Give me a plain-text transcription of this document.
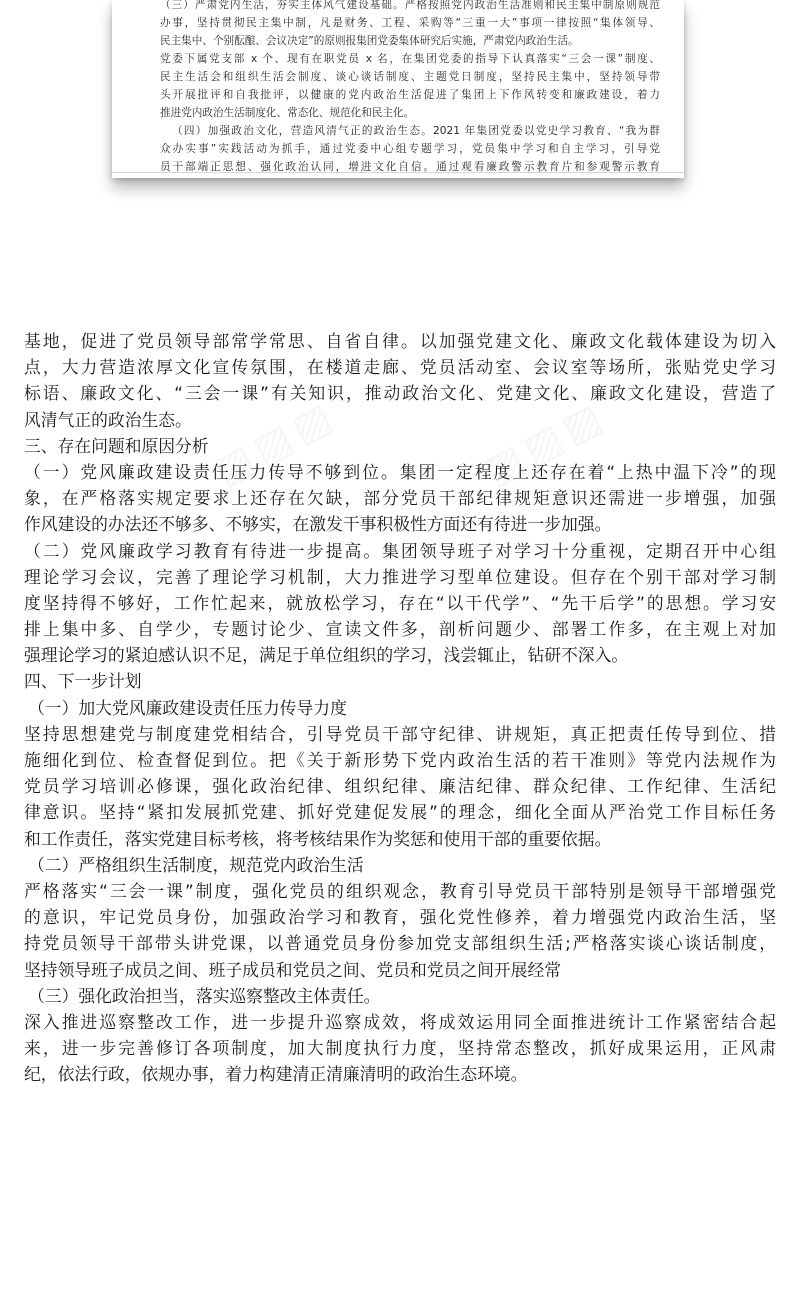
（三）严肃党内生活，夯实主体风气建设基础。严格按照党内政治生活准则和民主集中制原则规范

办事，坚持贯彻民主集中制，凡是财务、工程、采购等“三重一大”事项一律按照“集体领导、

民主集中、个别酝酿、会议决定”的原则报集团党委集体研究后实施，严肃党内政治生活。

党委下属党支部 x 个、现有在职党员 x 名，在集团党委的指导下认真落实“三会一课”制度、

民主生活会和组织生活会制度、谈心谈话制度、主题党日制度，坚持民主集中，坚持领导带

头开展批评和自我批评，以健康的党内政治生活促进了集团上下作风转变和廉政建设，着力

推进党内政治生活制度化、常态化、规范化和民主化。

（四）加强政治文化，营造风清气正的政治生态。2021 年集团党委以党史学习教育、“我为群

众办实事”实践活动为抓手，通过党委中心组专题学习，党员集中学习和自主学习，引导党

员干部端正思想、强化政治认同，增进文化自信。通过观看廉政警示教育片和参观警示教育

▨▨▨	▨▨▨

基地，促进了党员领导部常学常思、自省自律。以加强党建文化、廉政文化载体建设为切入

点，大力营造浓厚文化宣传氛围，在楼道走廊、党员活动室、会议室等场所，张贴党史学习

标语、廉政文化、“三会一课”有关知识，推动政治文化、党建文化、廉政文化建设，营造了

风清气正的政治生态。

三、存在问题和原因分析

（一）党风廉政建设责任压力传导不够到位。集团一定程度上还存在着“上热中温下冷”的现

象，在严格落实规定要求上还存在欠缺，部分党员干部纪律规矩意识还需进一步增强，加强

作风建设的办法还不够多、不够实，在激发干事积极性方面还有待进一步加强。

（二）党风廉政学习教育有待进一步提高。集团领导班子对学习十分重视，定期召开中心组

理论学习会议，完善了理论学习机制，大力推进学习型单位建设。但存在个别干部对学习制

度坚持得不够好，工作忙起来，就放松学习，存在“以干代学”、“先干后学”的思想。学习安

排上集中多、自学少，专题讨论少、宣读文件多，剖析问题少、部署工作多，在主观上对加

强理论学习的紧迫感认识不足，满足于单位组织的学习，浅尝辄止，钻研不深入。

四、下一步计划

（一）加大党风廉政建设责任压力传导力度

坚持思想建党与制度建党相结合，引导党员干部守纪律、讲规矩，真正把责任传导到位、措

施细化到位、检查督促到位。把《关于新形势下党内政治生活的若干准则》等党内法规作为

党员学习培训必修课，强化政治纪律、组织纪律、廉洁纪律、群众纪律、工作纪律、生活纪

律意识。坚持“紧扣发展抓党建、抓好党建促发展”的理念，细化全面从严治党工作目标任务

和工作责任，落实党建目标考核，将考核结果作为奖惩和使用干部的重要依据。

（二）严格组织生活制度，规范党内政治生活

严格落实“三会一课”制度，强化党员的组织观念，教育引导党员干部特别是领导干部增强党

的意识，牢记党员身份，加强政治学习和教育，强化党性修养，着力增强党内政治生活，坚

持党员领导干部带头讲党课，以普通党员身份参加党支部组织生活;严格落实谈心谈话制度，

坚持领导班子成员之间、班子成员和党员之间、党员和党员之间开展经常

（三）强化政治担当，落实巡察整改主体责任。

深入推进巡察整改工作，进一步提升巡察成效，将成效运用同全面推进统计工作紧密结合起

来，进一步完善修订各项制度，加大制度执行力度，坚持常态整改，抓好成果运用，正风肃

纪，依法行政，依规办事，着力构建清正清廉清明的政治生态环境。
